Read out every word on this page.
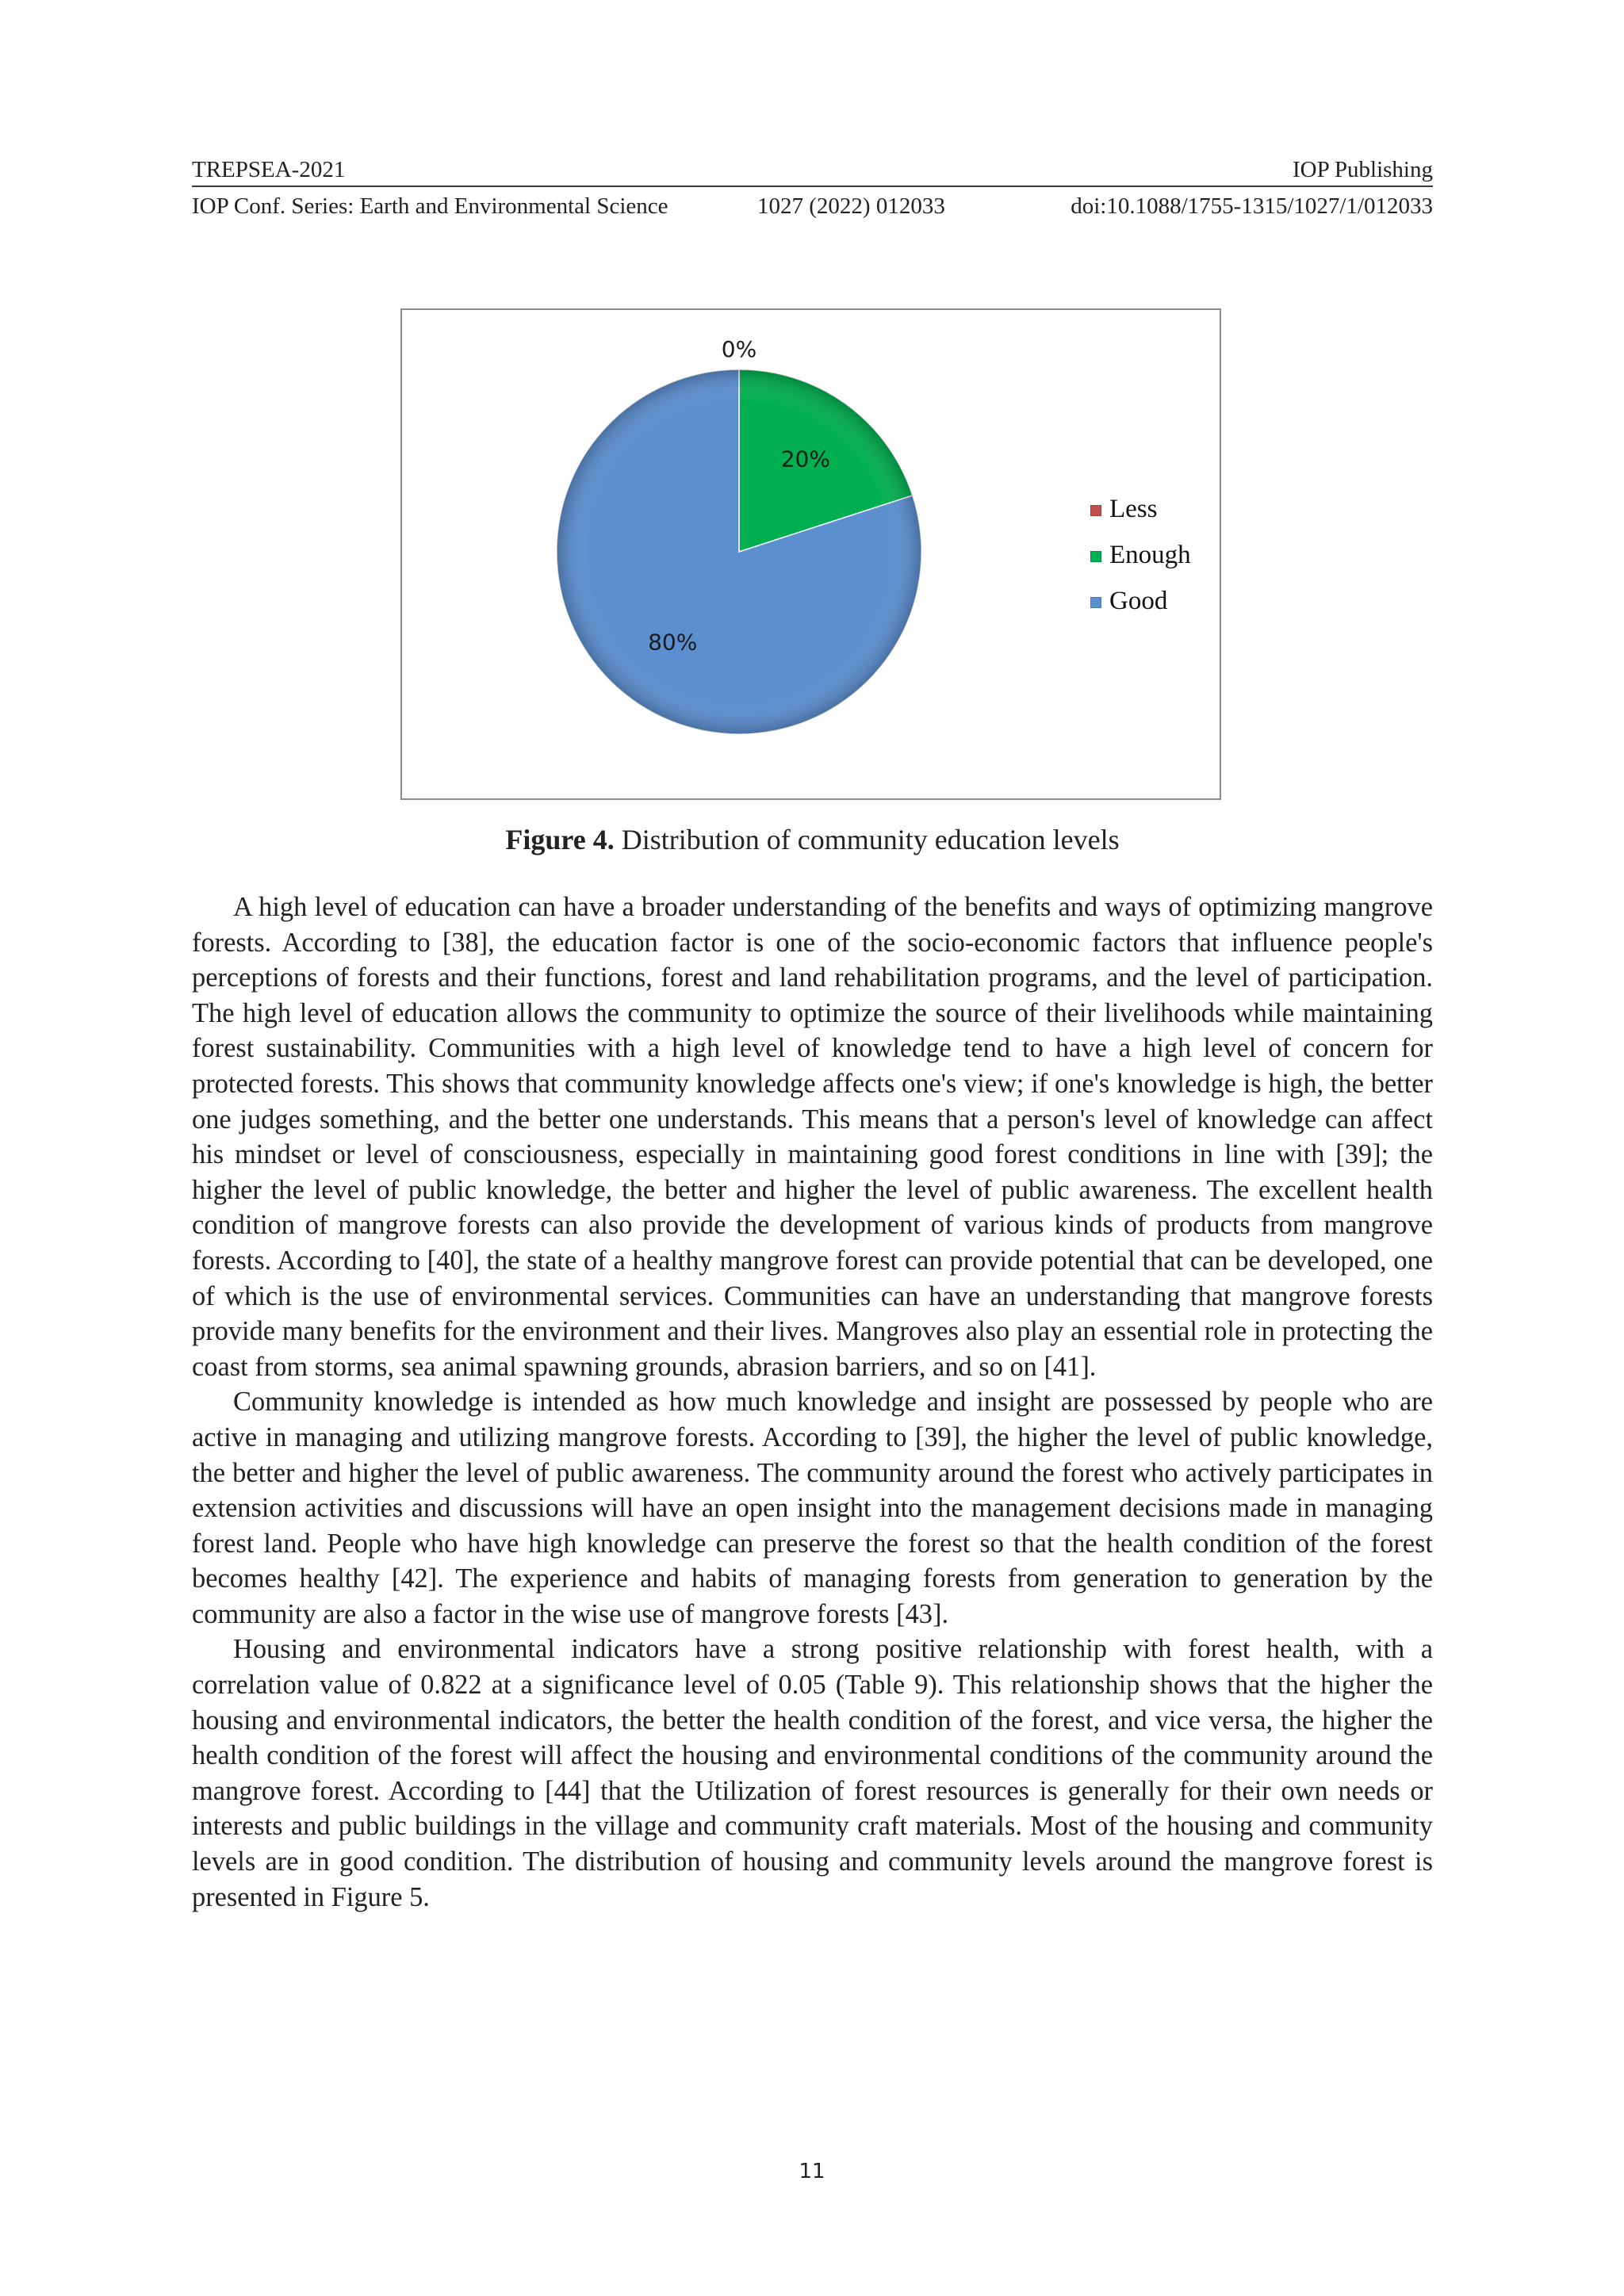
TREPSEA-2021	IOP Publishing
IOP Conf. Series: Earth and Environmental Science	1027 (2022) 012033	doi:10.1088/1755-1315/1027/1/012033
0%
20%
80%
Less
Enough
Good
Figure 4. Distribution of community education levels

A high level of education can have a broader understanding of the benefits and ways of optimizing mangrove forests. According to [38], the education factor is one of the socio-economic factors that influence people's perceptions of forests and their functions, forest and land rehabilitation programs, and the level of participation. The high level of education allows the community to optimize the source of their livelihoods while maintaining forest sustainability. Communities with a high level of knowledge tend to have a high level of concern for protected forests. This shows that community knowledge affects one's view; if one's knowledge is high, the better one judges something, and the better one understands. This means that a person's level of knowledge can affect his mindset or level of consciousness, especially in maintaining good forest conditions in line with [39]; the higher the level of public knowledge, the better and higher the level of public awareness. The excellent health condition of mangrove forests can also provide the development of various kinds of products from mangrove forests. According to [40], the state of a healthy mangrove forest can provide potential that can be developed, one of which is the use of environmental services. Communities can have an understanding that mangrove forests provide many benefits for the environment and their lives. Mangroves also play an essential role in protecting the coast from storms, sea animal spawning grounds, abrasion barriers, and so on [41].

Community knowledge is intended as how much knowledge and insight are possessed by people who are active in managing and utilizing mangrove forests. According to [39], the higher the level of public knowledge, the better and higher the level of public awareness. The community around the forest who actively participates in extension activities and discussions will have an open insight into the management decisions made in managing forest land. People who have high knowledge can preserve the forest so that the health condition of the forest becomes healthy [42]. The experience and habits of managing forests from generation to generation by the community are also a factor in the wise use of mangrove forests [43].

Housing and environmental indicators have a strong positive relationship with forest health, with a correlation value of 0.822 at a significance level of 0.05 (Table 9). This relationship shows that the higher the housing and environmental indicators, the better the health condition of the forest, and vice versa, the higher the health condition of the forest will affect the housing and environmental conditions of the community around the mangrove forest. According to [44] that the Utilization of forest resources is generally for their own needs or interests and public buildings in the village and community craft materials. Most of the housing and community levels are in good condition. The distribution of housing and community levels around the mangrove forest is presented in Figure 5.

11
